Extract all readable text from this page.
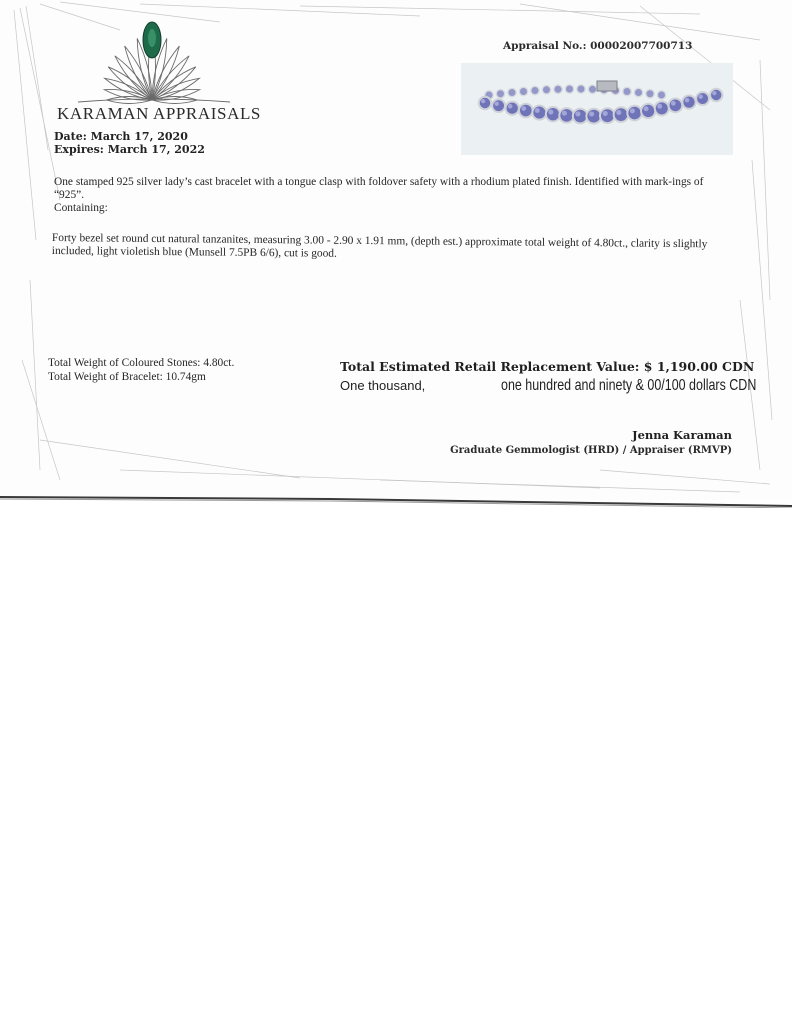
KARAMAN APPRAISALS
Date: March 17, 2020
Expires: March 17, 2022
Appraisal No.: 00002007700713

One stamped 925 silver lady’s cast bracelet with a tongue clasp with foldover safety with a rhodium plated finish. Identified with mark-ings of “925”.

Containing:

Forty bezel set round cut natural tanzanites, measuring 3.00 - 2.90 x 1.91 mm, (depth est.) approximate total weight of 4.80ct., clarity is slightly included, light violetish blue (Munsell 7.5PB 6/6), cut is good.
Total Weight of Coloured Stones: 4.80ct.
Total Weight of Bracelet: 10.74gm
Total Estimated Retail Replacement Value: $ 1,190.00 CDN
One thousand,	one hundred and ninety & 00/100 dollars CDN
Jenna Karaman
Graduate Gemmologist (HRD) / Appraiser (RMVP)
